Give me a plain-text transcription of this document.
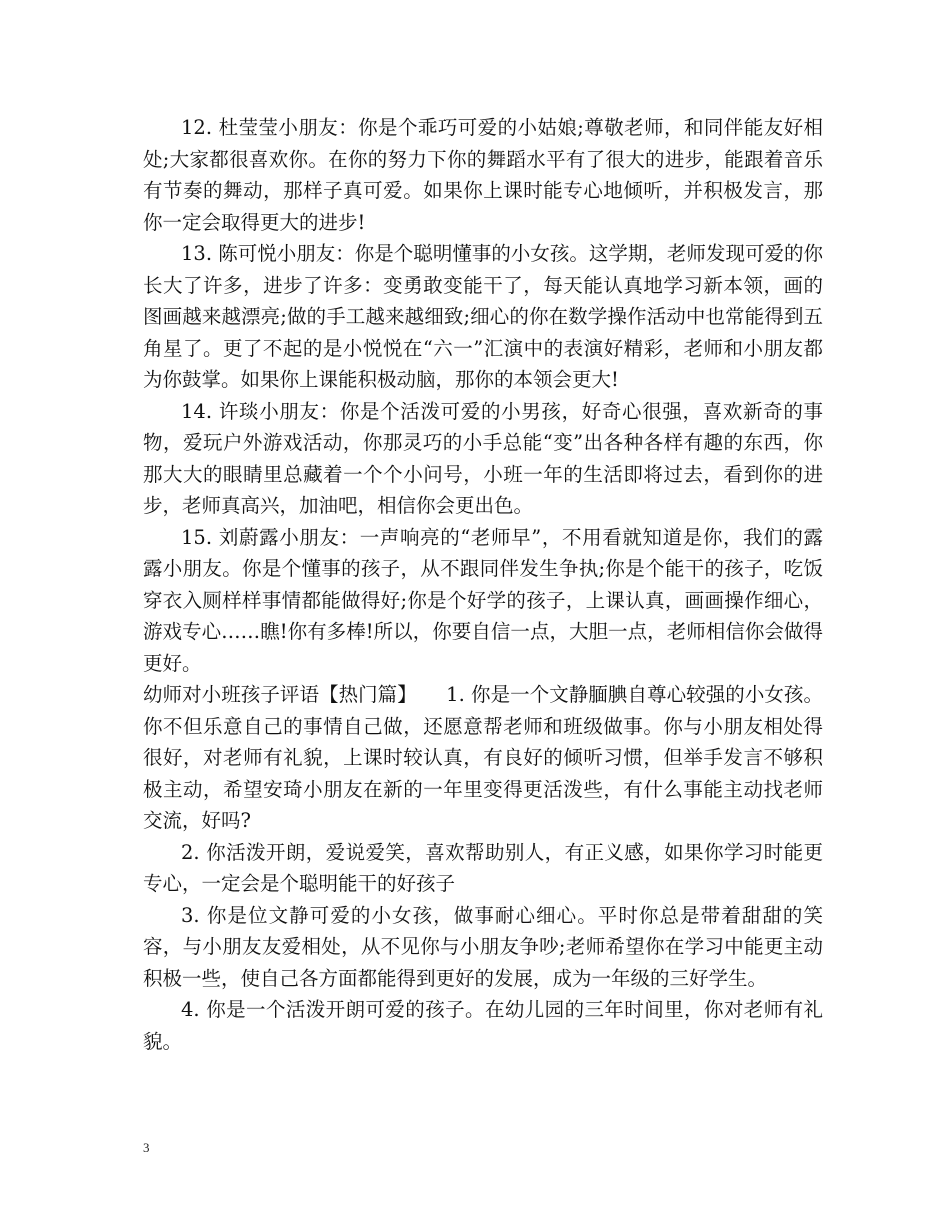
12. 杜莹莹小朋友：你是个乖巧可爱的小姑娘;尊敬老师，和同伴能友好相处;大家都很喜欢你。在你的努力下你的舞蹈水平有了很大的进步，能跟着音乐有节奏的舞动，那样子真可爱。如果你上课时能专心地倾听，并积极发言，那你一定会取得更大的进步!

13. 陈可悦小朋友：你是个聪明懂事的小女孩。这学期，老师发现可爱的你长大了许多，进步了许多：变勇敢变能干了，每天能认真地学习新本领，画的图画越来越漂亮;做的手工越来越细致;细心的你在数学操作活动中也常能得到五角星了。更了不起的是小悦悦在“六一”汇演中的表演好精彩，老师和小朋友都为你鼓掌。如果你上课能积极动脑，那你的本领会更大!

14. 许琰小朋友：你是个活泼可爱的小男孩，好奇心很强，喜欢新奇的事物，爱玩户外游戏活动，你那灵巧的小手总能“变”出各种各样有趣的东西，你那大大的眼睛里总藏着一个个小问号，小班一年的生活即将过去，看到你的进步，老师真高兴，加油吧，相信你会更出色。

15. 刘蔚露小朋友：一声响亮的“老师早”，不用看就知道是你，我们的露露小朋友。你是个懂事的孩子，从不跟同伴发生争执;你是个能干的孩子，吃饭穿衣入厕样样事情都能做得好;你是个好学的孩子，上课认真，画画操作细心，游戏专心……瞧!你有多棒!所以，你要自信一点，大胆一点，老师相信你会做得更好。

幼师对小班孩子评语【热门篇】　　1. 你是一个文静腼腆自尊心较强的小女孩。你不但乐意自己的事情自己做，还愿意帮老师和班级做事。你与小朋友相处得很好，对老师有礼貌，上课时较认真，有良好的倾听习惯，但举手发言不够积极主动，希望安琦小朋友在新的一年里变得更活泼些，有什么事能主动找老师交流，好吗?

2. 你活泼开朗，爱说爱笑，喜欢帮助别人，有正义感，如果你学习时能更专心，一定会是个聪明能干的好孩子

3. 你是位文静可爱的小女孩，做事耐心细心。平时你总是带着甜甜的笑容，与小朋友友爱相处，从不见你与小朋友争吵;老师希望你在学习中能更主动积极一些，使自己各方面都能得到更好的发展，成为一年级的三好学生。

4. 你是一个活泼开朗可爱的孩子。在幼儿园的三年时间里，你对老师有礼貌。

3
